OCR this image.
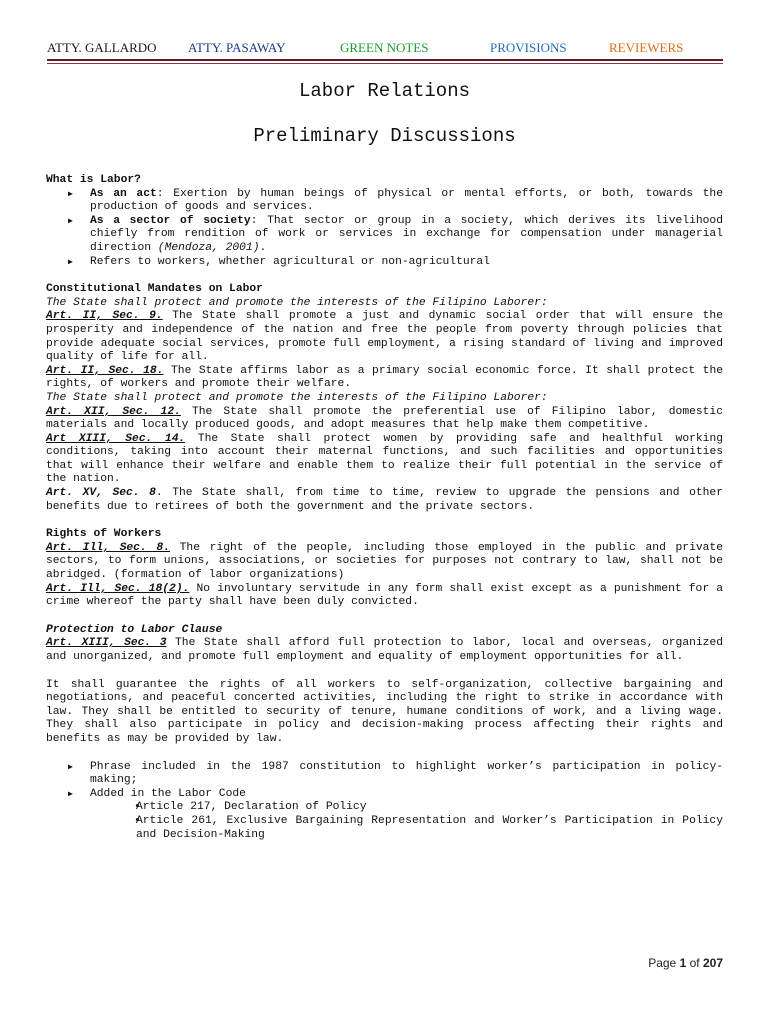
ATTY. GALLARDO ATTY. PASAWAY	GREEN NOTES	PROVISIONS	REVIEWERS
Labor Relations
Preliminary Discussions
What is Labor?
▶ As an act: Exertion by human beings of physical or mental efforts, or both, towards the production of goods and services.
▶ As a sector of society: That sector or group in a society, which derives its livelihood chiefly from rendition of work or services in exchange for compensation under managerial direction (Mendoza, 2001).
▶ Refers to workers, whether agricultural or non-agricultural
Constitutional Mandates on Labor

The State shall protect and promote the interests of the Filipino Laborer:

Art. II, Sec. 9. The State shall promote a just and dynamic social order that will ensure the prosperity and independence of the nation and free the people from poverty through policies that provide adequate social services, promote full employment, a rising standard of living and improved quality of life for all.

Art. II, Sec. 18. The State affirms labor as a primary social economic force. It shall protect the rights, of workers and promote their welfare.

The State shall protect and promote the interests of the Filipino Laborer:

Art. XII, Sec. 12. The State shall promote the preferential use of Filipino labor, domestic materials and locally produced goods, and adopt measures that help make them competitive.

Art XIII, Sec. 14. The State shall protect women by providing safe and healthful working conditions, taking into account their maternal functions, and such facilities and opportunities that will enhance their welfare and enable them to realize their full potential in the service of the nation.

Art. XV, Sec. 8. The State shall, from time to time, review to upgrade the pensions and other benefits due to retirees of both the government and the private sectors.

Rights of Workers

Art. Ill, Sec. 8. The right of the people, including those employed in the public and private sectors, to form unions, associations, or societies for purposes not contrary to law, shall not be abridged. (formation of labor organizations)

Art. Ill, Sec. 18(2). No involuntary servitude in any form shall exist except as a punishment for a crime whereof the party shall have been duly convicted.

Protection to Labor Clause

Art. XIII, Sec. 3 The State shall afford full protection to labor, local and overseas, organized and unorganized, and promote full employment and equality of employment opportunities for all.

It shall guarantee the rights of all workers to self-organization, collective bargaining and negotiations, and peaceful concerted activities, including the right to strike in accordance with law. They shall be entitled to security of tenure, humane conditions of work, and a living wage. They shall also participate in policy and decision-making process affecting their rights and benefits as may be provided by law.

▶ Phrase included in the 1987 constitution to highlight worker’s participation in policy-making;
▶ Added in the Labor Code
• Article 217, Declaration of Policy
• Article 261, Exclusive Bargaining Representation and Worker’s Participation in Policy and Decision-Making
Page 1 of 207
